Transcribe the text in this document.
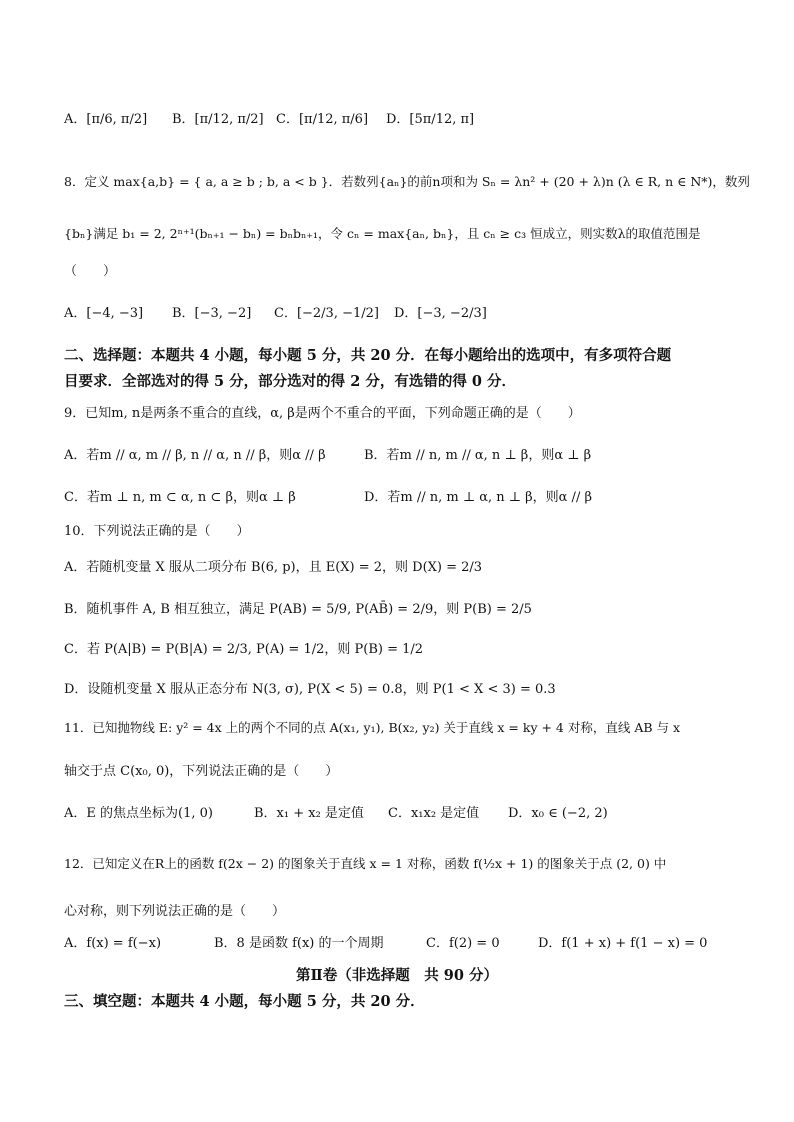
A．[π/6, π/2] B．[π/12, π/2] C．[π/12, π/6] D．[5π/12, π]
8．定义 max{a,b} = { a, a ≥ b ; b, a < b }．若数列{aₙ}的前n项和为 Sₙ = λn² + (20 + λ)n (λ ∈ R, n ∈ N*)，数列
{bₙ}满足 b₁ = 2, 2ⁿ⁺¹(bₙ₊₁ − bₙ) = bₙbₙ₊₁，令 cₙ = max{aₙ, bₙ}，且 cₙ ≥ c₃ 恒成立，则实数λ的取值范围是
（　　）
A．[−4, −3] B．[−3, −2] C．[−2/3, −1/2] D．[−3, −2/3]
二、选择题：本题共 4 小题，每小题 5 分，共 20 分．在每小题给出的选项中，有多项符合题
目要求．全部选对的得 5 分，部分选对的得 2 分，有选错的得 0 分．
9．已知m, n是两条不重合的直线，α, β是两个不重合的平面，下列命题正确的是（　　）
A．若m // α, m // β, n // α, n // β，则α // β	B．若m // n, m // α, n ⊥ β，则α ⊥ β
C．若m ⊥ n, m ⊂ α, n ⊂ β，则α ⊥ β	D．若m // n, m ⊥ α, n ⊥ β，则α // β
10．下列说法正确的是（　　）
A．若随机变量 X 服从二项分布 B(6, p)，且 E(X) = 2，则 D(X) = 2/3
B．随机事件 A, B 相互独立，满足 P(AB) = 5/9, P(AB̄) = 2/9，则 P(B) = 2/5
C．若 P(A|B) = P(B|A) = 2/3, P(A) = 1/2，则 P(B) = 1/2
D．设随机变量 X 服从正态分布 N(3, σ), P(X < 5) = 0.8，则 P(1 < X < 3) = 0.3
11．已知抛物线 E: y² = 4x 上的两个不同的点 A(x₁, y₁), B(x₂, y₂) 关于直线 x = ky + 4 对称，直线 AB 与 x
轴交于点 C(x₀, 0)，下列说法正确的是（　　）
A．E 的焦点坐标为(1, 0)	B．x₁ + x₂ 是定值 C．x₁x₂ 是定值 D．x₀ ∈ (−2, 2)
12．已知定义在R上的函数 f(2x − 2) 的图象关于直线 x = 1 对称，函数 f(½x + 1) 的图象关于点 (2, 0) 中
心对称，则下列说法正确的是（　　）
A．f(x) = f(−x)	B．8 是函数 f(x) 的一个周期	C．f(2) = 0	D．f(1 + x) + f(1 − x) = 0
第Ⅱ卷（非选择题　共 90 分）
三、填空题：本题共 4 小题，每小题 5 分，共 20 分．
